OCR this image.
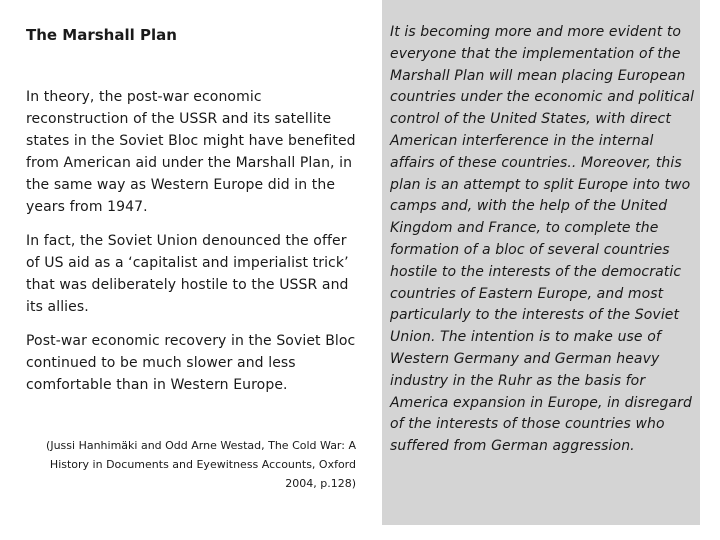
The Marshall Plan

In theory, the post-war economic reconstruction of the USSR and its satellite states in the Soviet Bloc might have benefited from American aid under the Marshall Plan, in the same way as Western Europe did in the years from 1947.

In fact, the Soviet Union denounced the offer of US aid as a ‘capitalist and imperialist trick’ that was deliberately hostile to the USSR and its allies.

Post-war economic recovery in the Soviet Bloc continued to be much slower and less comfortable than in Western Europe.

(Jussi Hanhimäki and Odd Arne Westad, The Cold War: A History in Documents and Eyewitness Accounts, Oxford 2004, p.128)
It is becoming more and more evident to everyone that the implementation of the Marshall Plan will mean placing European countries under the economic and political control of the United States, with direct American interference in the internal affairs of these countries.. Moreover, this plan is an attempt to split Europe into two camps and, with the help of the United Kingdom and France, to complete the formation of a bloc of several countries hostile to the interests of the democratic countries of Eastern Europe, and most particularly to the interests of the Soviet Union. The intention is to make use of Western Germany and German heavy industry in the Ruhr as the basis for America expansion in Europe, in disregard of the interests of those countries who suffered from German aggression.
